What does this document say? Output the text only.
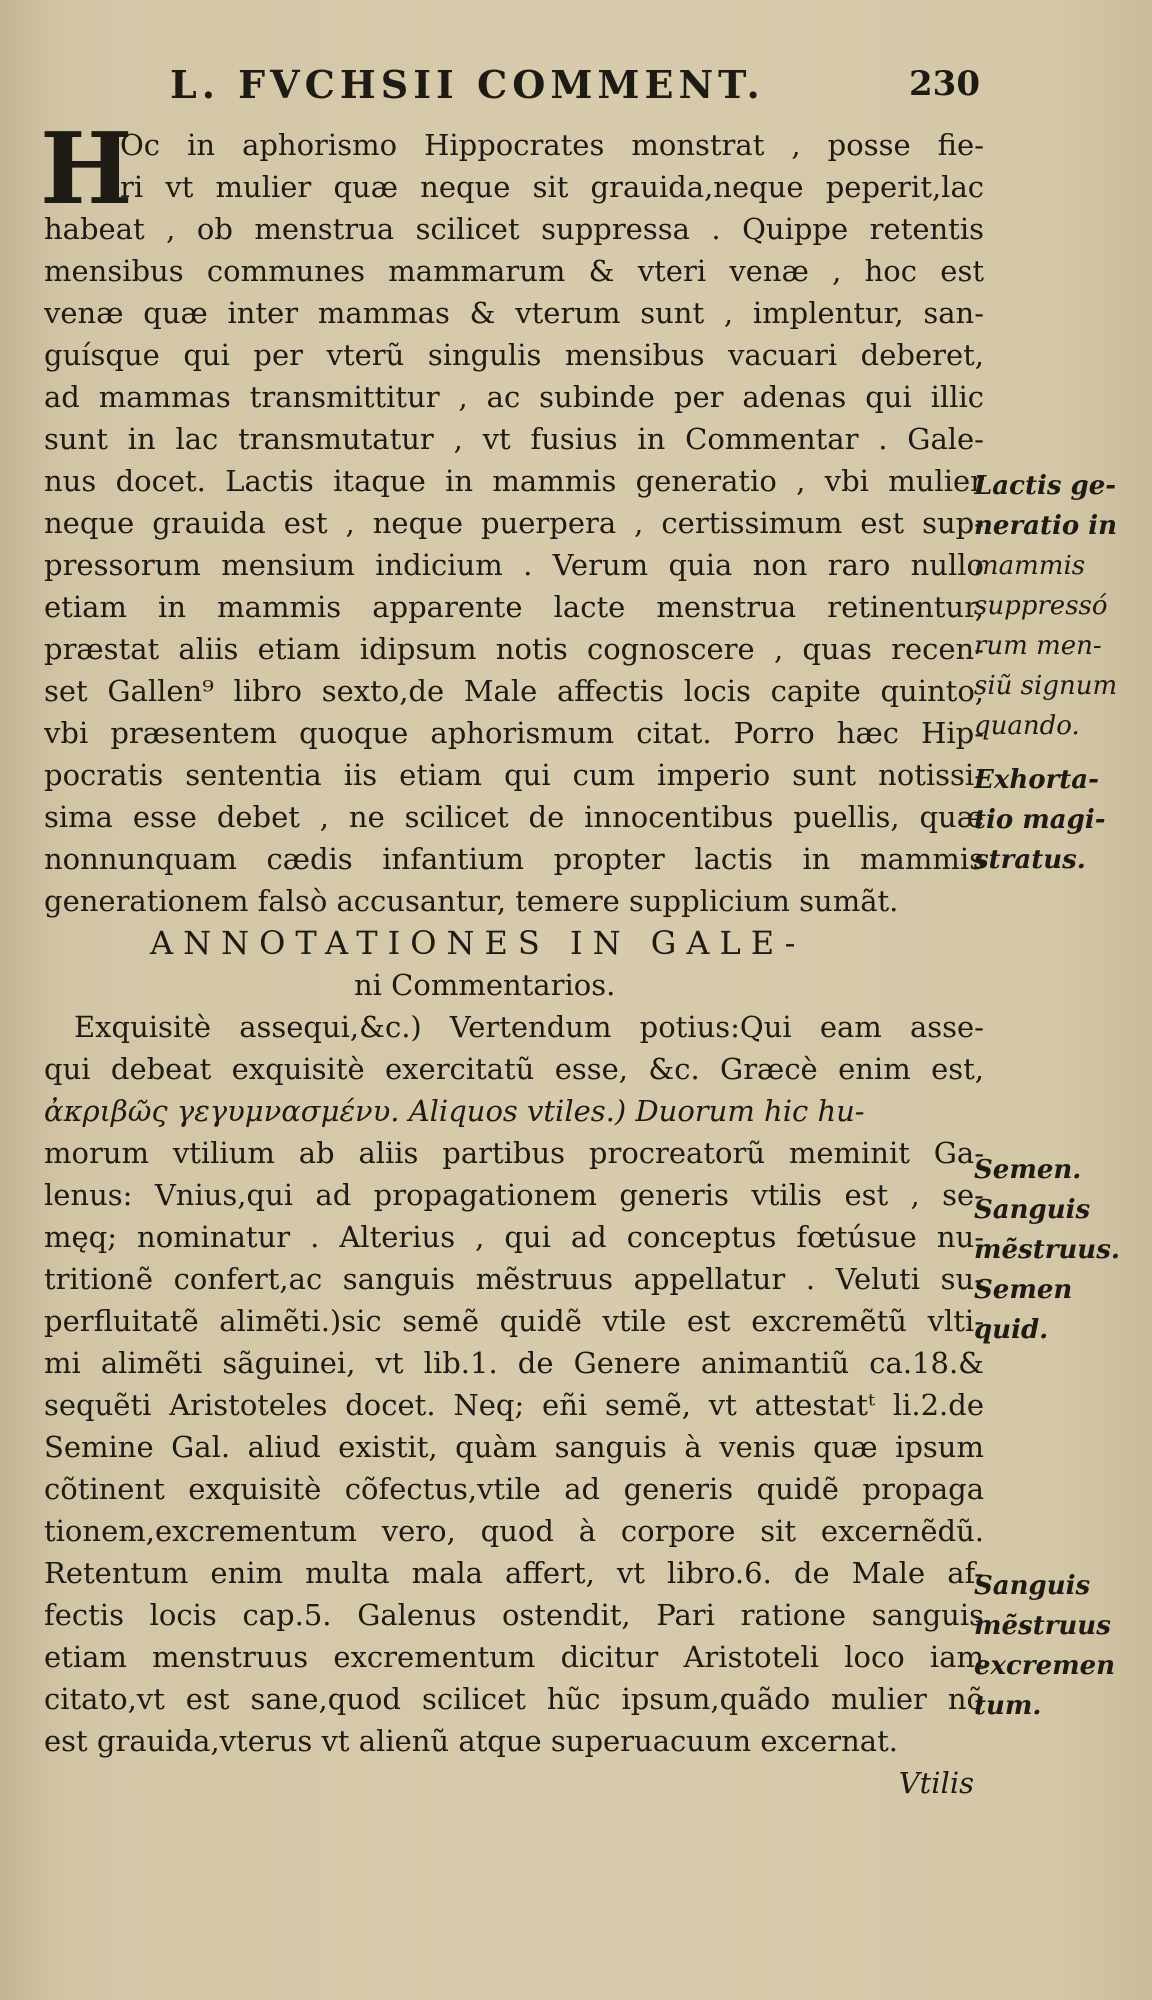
L. FVCHSII COMMENT.	230
H
Oc in aphorismo Hippocrates monstrat , posse fie-
ri vt mulier quæ neque sit grauida,neque peperit,lac
habeat , ob menstrua scilicet suppressa . Quippe retentis
mensibus communes mammarum & vteri venæ , hoc est
venæ quæ inter mammas & vterum sunt , implentur, san-
guísque qui per vterũ singulis mensibus vacuari deberet,
ad mammas transmittitur , ac subinde per adenas qui illic
sunt in lac transmutatur , vt fusius in Commentar . Gale-
nus docet. Lactis itaque in mammis generatio , vbi mulier
neque grauida est , neque puerpera , certissimum est sup-
pressorum mensium indicium . Verum quia non raro nullo
etiam in mammis apparente lacte menstrua retinentur,
præstat aliis etiam idipsum notis cognoscere , quas recen-
set Gallen⁹ libro sexto,de Male affectis locis capite quinto,
vbi præsentem quoque aphorismum citat. Porro hæc Hip-
pocratis sententia iis etiam qui cum imperio sunt notissi-
sima esse debet , ne scilicet de innocentibus puellis, quæ
nonnunquam cædis infantium propter lactis in mammis
generationem falsò accusantur, temere supplicium sumãt.
ANNOTATIONES IN GALE-
ni Commentarios.
Exquisitè assequi,&c.) Vertendum potius:Qui eam asse-
qui debeat exquisitè exercitatũ esse, &c. Græcè enim est,
ἀκριβῶς γεγυμνασμένυ. Aliquos vtiles.) Duorum hic hu-
morum vtilium ab aliis partibus procreatorũ meminit Ga-
lenus: Vnius,qui ad propagationem generis vtilis est , se-
męq; nominatur . Alterius , qui ad conceptus fœtúsue nu-
tritionẽ confert,ac sanguis mẽstruus appellatur . Veluti su-
perfluitatẽ alimẽti.)sic semẽ quidẽ vtile est excremẽtũ vlti-
mi alimẽti sãguinei, vt lib.1. de Genere animantiũ ca.18.&
sequẽti Aristoteles docet. Neq; eñi semẽ, vt attestatᵗ li.2.de
Semine Gal. aliud existit, quàm sanguis à venis quæ ipsum
cõtinent exquisitè cõfectus,vtile ad generis quidẽ propaga
tionem,excrementum vero, quod à corpore sit excernẽdũ.
Retentum enim multa mala affert, vt libro.6. de Male af-
fectis locis cap.5. Galenus ostendit, Pari ratione sanguis
etiam menstruus excrementum dicitur Aristoteli loco iam
citato,vt est sane,quod scilicet hũc ipsum,quãdo mulier nõ
est grauida,vterus vt alienũ atque superuacuum excernat.
Vtilis
Lactis ge-
neratio in
mammis
suppressó
rum men-
siũ signum
quando.
Exhorta-
tio magi-
stratus.
Semen.
Sanguis
mẽstruus.
Semen
quid.
Sanguis
mẽstruus
excremen
tum.
